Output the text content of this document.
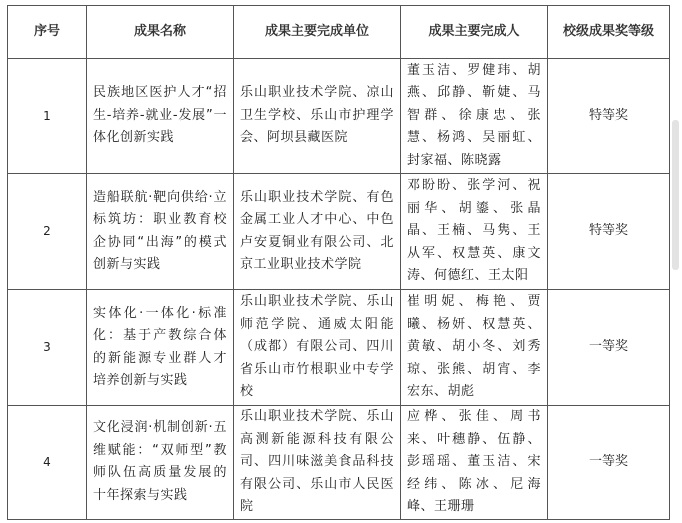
序号	成果名称	成果主要完成单位	成果主要完成人	校级成果奖等级
1	民族地区医护人才“招生-培养-就业-发展”一体化创新实践	乐山职业技术学院、凉山卫生学校、乐山市护理学会、阿坝县藏医院	董玉洁、罗健玮、胡燕、邱静、靳婕、马智群、徐康忠、张慧、杨鸿、吴丽虹、封家福、陈晓露	特等奖
2	造船联航·靶向供给·立标筑坊：职业教育校企协同“出海”的模式创新与实践	乐山职业技术学院、有色金属工业人才中心、中色卢安夏铜业有限公司、北京工业职业技术学院	邓盼盼、张学河、祝丽华、胡鎏、张晶晶、王楠、马隽、王从军、权慧英、康文涛、何德红、王太阳	特等奖
3	实体化·一体化·标准化：基于产教综合体的新能源专业群人才培养创新与实践	乐山职业技术学院、乐山师范学院、通威太阳能（成都）有限公司、四川省乐山市竹根职业中专学校	崔明妮、梅艳、贾曦、杨妍、权慧英、黄敏、胡小冬、刘秀琼、张熊、胡宵、李宏东、胡彪	一等奖
4	文化浸润·机制创新·五维赋能：“双师型”教师队伍高质量发展的十年探索与实践	乐山职业技术学院、乐山高测新能源科技有限公司、四川味滋美食品科技有限公司、乐山市人民医院	应桦、张佳、周书来、叶穗静、伍静、彭瑶瑶、董玉洁、宋经纬、陈冰、尼海峰、王珊珊	一等奖
